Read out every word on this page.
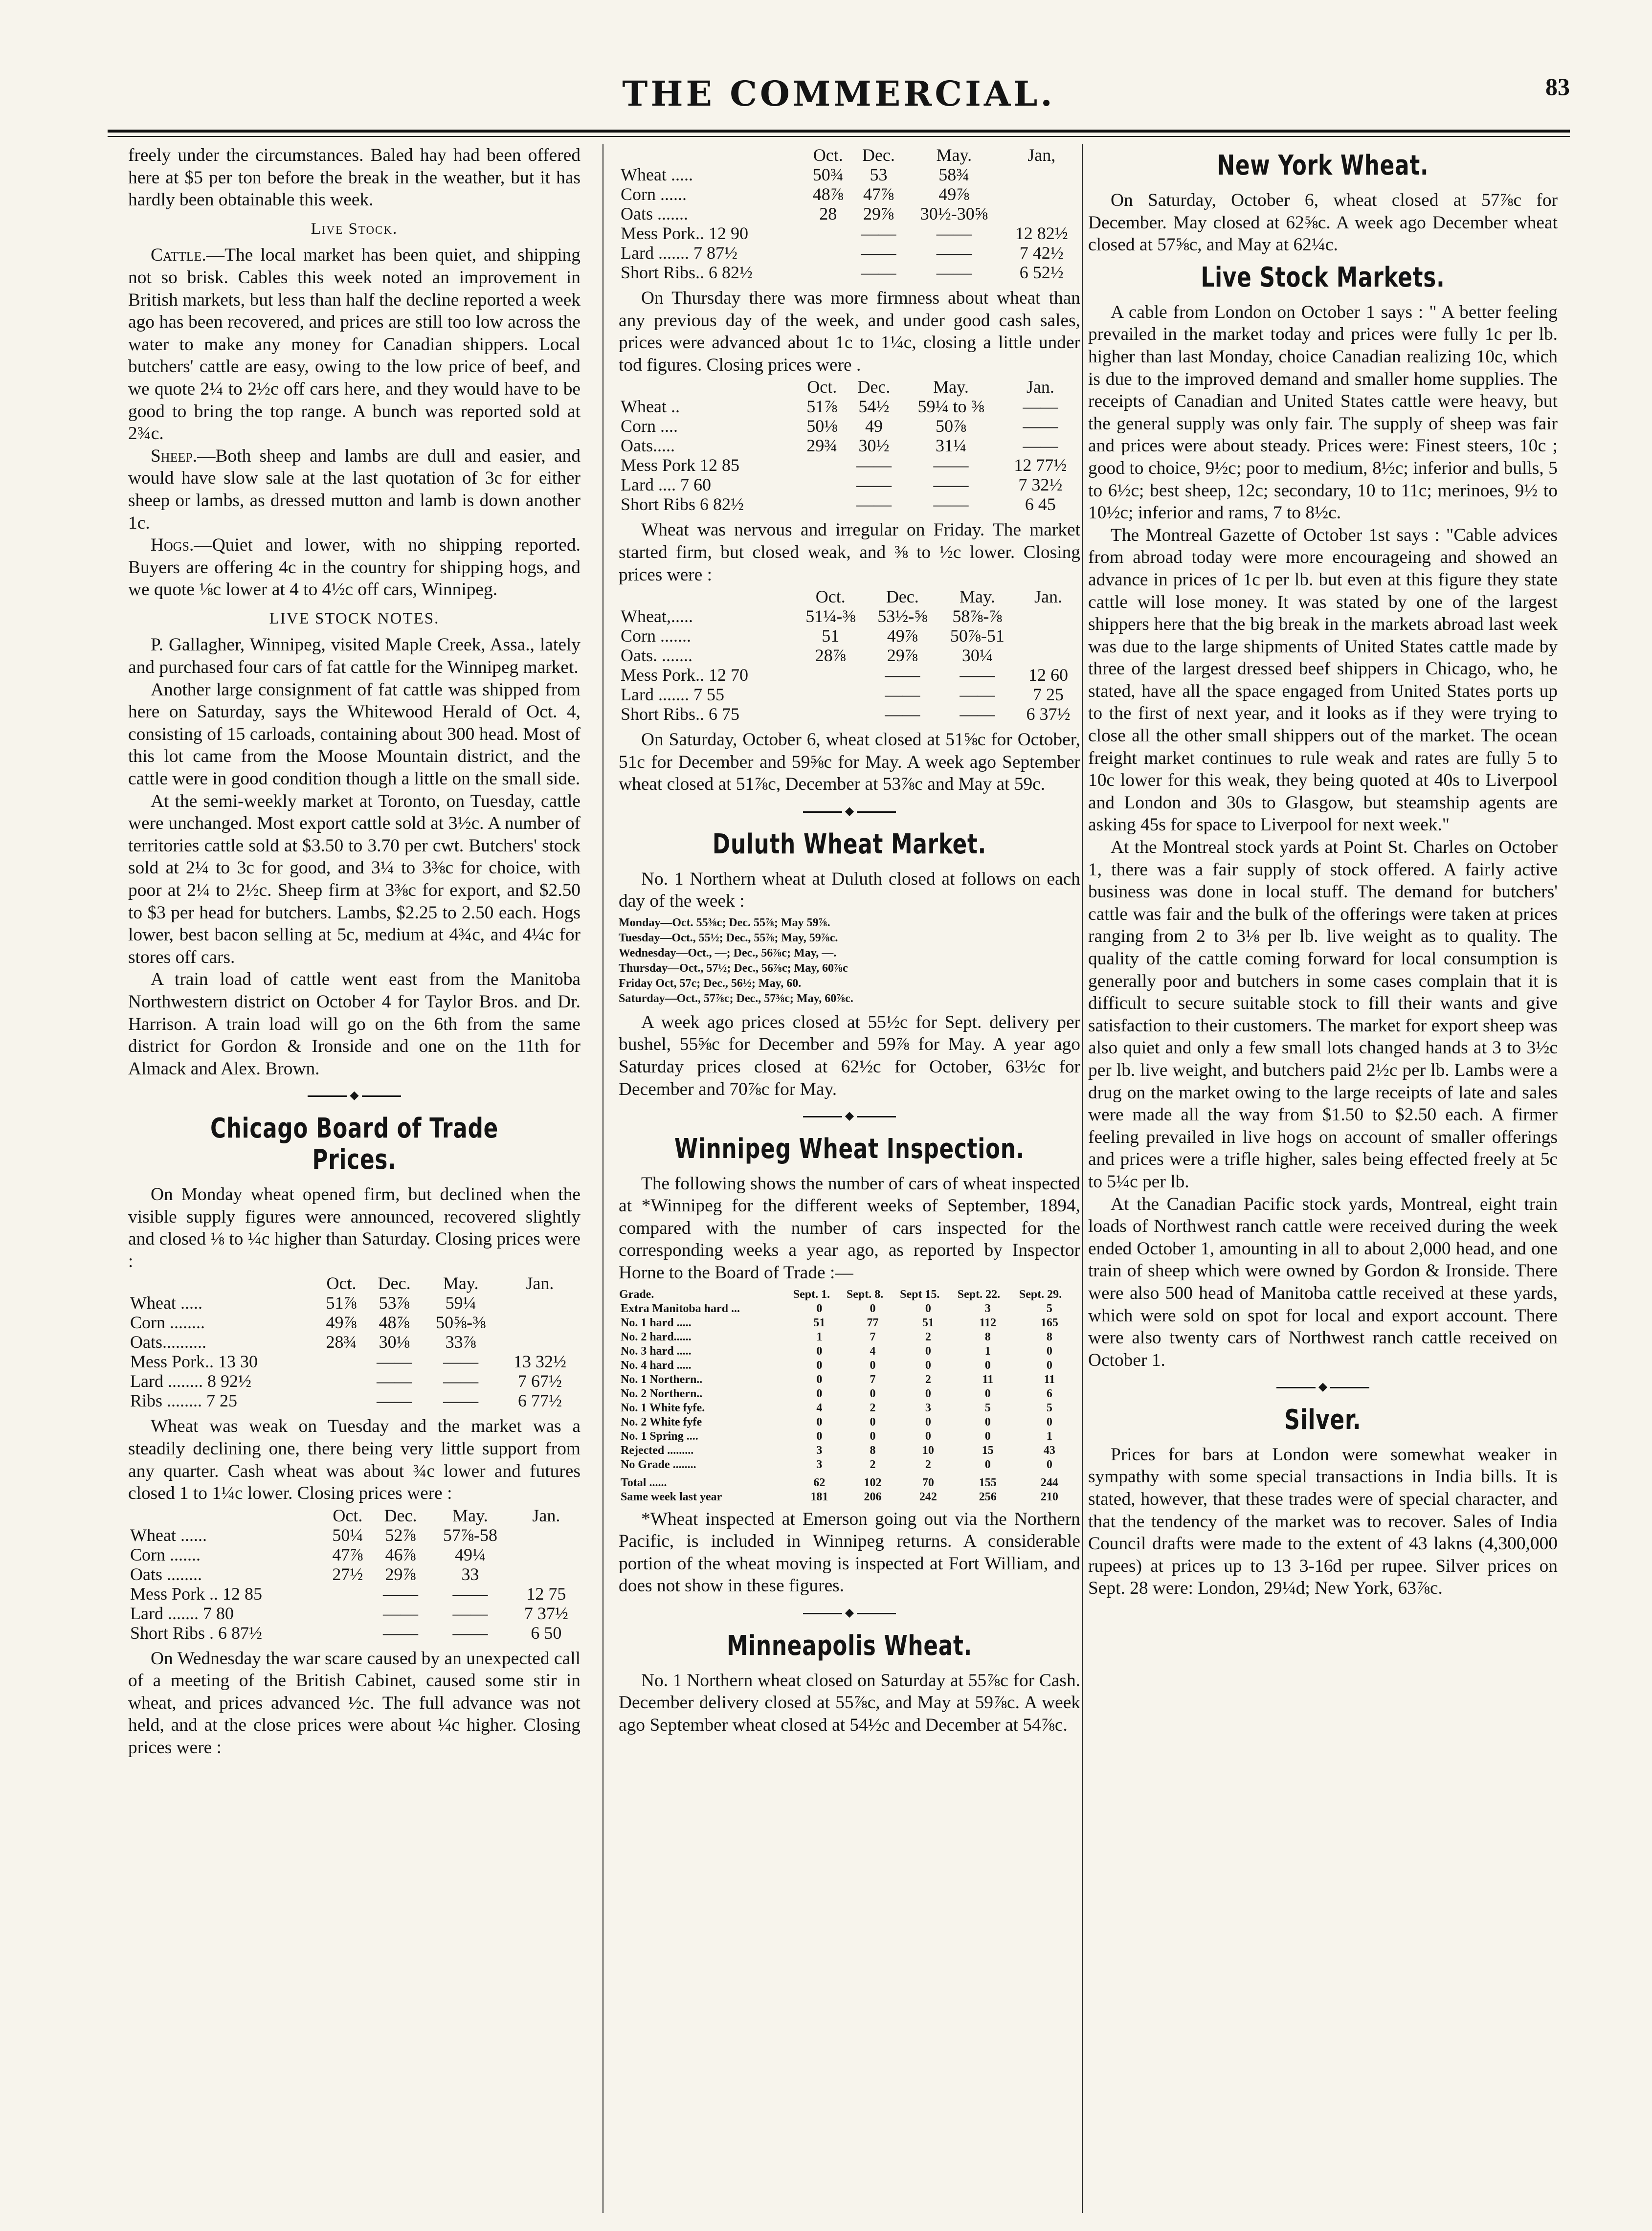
THE COMMERCIAL.	83

freely under the circumstances. Baled hay had been offered here at $5 per ton before the break in the weather, but it has hardly been obtainable this week.

Live Stock.

Cattle.—The local market has been quiet, and shipping not so brisk. Cables this week noted an improvement in British markets, but less than half the decline reported a week ago has been recovered, and prices are still too low across the water to make any money for Canadian shippers. Local butchers' cattle are easy, owing to the low price of beef, and we quote 2¼ to 2½c off cars here, and they would have to be good to bring the top range. A bunch was reported sold at 2¾c.

Sheep.—Both sheep and lambs are dull and easier, and would have slow sale at the last quotation of 3c for either sheep or lambs, as dressed mutton and lamb is down another 1c.

Hogs.—Quiet and lower, with no shipping reported. Buyers are offering 4c in the country for shipping hogs, and we quote ⅛c lower at 4 to 4½c off cars, Winnipeg.

LIVE STOCK NOTES.

P. Gallagher, Winnipeg, visited Maple Creek, Assa., lately and purchased four cars of fat cattle for the Winnipeg market.

Another large consignment of fat cattle was shipped from here on Saturday, says the Whitewood Herald of Oct. 4, consisting of 15 carloads, containing about 300 head. Most of this lot came from the Moose Mountain district, and the cattle were in good condition though a little on the small side.

At the semi-weekly market at Toronto, on Tuesday, cattle were unchanged. Most export cattle sold at 3½c. A number of territories cattle sold at $3.50 to 3.70 per cwt. Butchers' stock sold at 2¼ to 3c for good, and 3¼ to 3⅜c for choice, with poor at 2¼ to 2½c. Sheep firm at 3⅜c for export, and $2.50 to $3 per head for butchers. Lambs, $2.25 to 2.50 each. Hogs lower, best bacon selling at 5c, medium at 4¾c, and 4¼c for stores off cars.

A train load of cattle went east from the Manitoba Northwestern district on October 4 for Taylor Bros. and Dr. Harrison. A train load will go on the 6th from the same district for Gordon & Ironside and one on the 11th for Almack and Alex. Brown.

◆
Chicago Board of Trade Prices.

On Monday wheat opened firm, but declined when the visible supply figures were announced, recovered slightly and closed ⅛ to ¼c higher than Saturday. Closing prices were :

	Oct.	Dec.	May.	Jan.
Wheat .....	51⅞	53⅞	59¼	
Corn ........	49⅞	48⅞	50⅝-⅜	
Oats..........	28¾	30⅛	33⅞	
Mess Pork.. 13 30		——	——	13 32½
Lard ........ 8 92½		——	——	7 67½
Ribs ........ 7 25		——	——	6 77½

Wheat was weak on Tuesday and the market was a steadily declining one, there being very little support from any quarter. Cash wheat was about ¾c lower and futures closed 1 to 1¼c lower. Closing prices were :

	Oct.	Dec.	May.	Jan.
Wheat ......	50¼	52⅞	57⅞-58	
Corn .......	47⅞	46⅞	49¼	
Oats ........	27½	29⅞	33	
Mess Pork .. 12 85		——	——	12 75
Lard ....... 7 80		——	——	7 37½
Short Ribs . 6 87½		——	——	6 50

On Wednesday the war scare caused by an unexpected call of a meeting of the British Cabinet, caused some stir in wheat, and prices advanced ½c. The full advance was not held, and at the close prices were about ¼c higher. Closing prices were :

	Oct.	Dec.	May.	Jan,
Wheat .....	50¾	53	58¾	
Corn ......	48⅞	47⅞	49⅞	
Oats .......	28	29⅞	30½-30⅝	
Mess Pork.. 12 90		——	——	12 82½
Lard ....... 7 87½		——	——	7 42½
Short Ribs.. 6 82½		——	——	6 52½

On Thursday there was more firmness about wheat than any previous day of the week, and under good cash sales, prices were advanced about 1c to 1¼c, closing a little under tod figures. Closing prices were .

	Oct.	Dec.	May.	Jan.
Wheat ..	51⅞	54½	59¼ to ⅜	——
Corn ....	50⅛	49	50⅞	——
Oats.....	29¾	30½	31¼	——
Mess Pork 12 85		——	——	12 77½
Lard .... 7 60		——	——	7 32½
Short Ribs 6 82½		——	——	6 45

Wheat was nervous and irregular on Friday. The market started firm, but closed weak, and ⅜ to ½c lower. Closing prices were :

	Oct.	Dec.	May.	Jan.
Wheat,.....	51¼-⅜	53½-⅝	58⅞-⅞	
Corn .......	51	49⅞	50⅞-51	
Oats. .......	28⅞	29⅞	30¼	
Mess Pork.. 12 70		——	——	12 60
Lard ....... 7 55		——	——	7 25
Short Ribs.. 6 75		——	——	6 37½

On Saturday, October 6, wheat closed at 51⅝c for October, 51c for December and 59⅝c for May. A week ago September wheat closed at 51⅞c, December at 53⅞c and May at 59c.

◆
Duluth Wheat Market.

No. 1 Northern wheat at Duluth closed at follows on each day of the week :

Monday—Oct. 55⅜c; Dec. 55⅞; May 59⅞.
Tuesday—Oct., 55½; Dec., 55⅞; May, 59⅞c.
Wednesday—Oct., —; Dec., 56⅞c; May, —.
Thursday—Oct., 57½; Dec., 56⅞c; May, 60⅞c
Friday Oct, 57c; Dec., 56½; May, 60.
Saturday—Oct., 57⅞c; Dec., 57⅜c; May, 60⅞c.

A week ago prices closed at 55½c for Sept. delivery per bushel, 55⅝c for December and 59⅞ for May. A year ago Saturday prices closed at 62½c for October, 63½c for December and 70⅞c for May.

◆
Winnipeg Wheat Inspection.

The following shows the number of cars of wheat inspected at *Winnipeg for the different weeks of September, 1894, compared with the number of cars inspected for the corresponding weeks a year ago, as reported by Inspector Horne to the Board of Trade :—

Grade.	Sept. 1.	Sept. 8.	Sept 15.	Sept. 22.	Sept. 29.
Extra Manitoba hard ...	0	0	0	3	5
No. 1 hard .....	51	77	51	112	165
No. 2 hard......	1	7	2	8	8
No. 3 hard .....	0	4	0	1	0
No. 4 hard .....	0	0	0	0	0
No. 1 Northern..	0	7	2	11	11
No. 2 Northern..	0	0	0	0	6
No. 1 White fyfe.	4	2	3	5	5
No. 2 White fyfe	0	0	0	0	0
No. 1 Spring ....	0	0	0	0	1
Rejected .........	3	8	10	15	43
No Grade ........	3	2	2	0	0
Total ......	62	102	70	155	244
Same week last year	181	206	242	256	210

*Wheat inspected at Emerson going out via the Northern Pacific, is included in Winnipeg returns. A considerable portion of the wheat moving is inspected at Fort William, and does not show in these figures.

◆
Minneapolis Wheat.

No. 1 Northern wheat closed on Saturday at 55⅞c for Cash. December delivery closed at 55⅞c, and May at 59⅞c. A week ago September wheat closed at 54½c and December at 54⅞c.

New York Wheat.

On Saturday, October 6, wheat closed at 57⅞c for December. May closed at 62⅝c. A week ago December wheat closed at 57⅝c, and May at 62¼c.

Live Stock Markets.

A cable from London on October 1 says : " A better feeling prevailed in the market today and prices were fully 1c per lb. higher than last Monday, choice Canadian realizing 10c, which is due to the improved demand and smaller home supplies. The receipts of Canadian and United States cattle were heavy, but the general supply was only fair. The supply of sheep was fair and prices were about steady. Prices were: Finest steers, 10c ; good to choice, 9½c; poor to medium, 8½c; inferior and bulls, 5 to 6½c; best sheep, 12c; secondary, 10 to 11c; merinoes, 9½ to 10½c; inferior and rams, 7 to 8½c.

The Montreal Gazette of October 1st says : "Cable advices from abroad today were more encourageing and showed an advance in prices of 1c per lb. but even at this figure they state cattle will lose money. It was stated by one of the largest shippers here that the big break in the markets abroad last week was due to the large shipments of United States cattle made by three of the largest dressed beef shippers in Chicago, who, he stated, have all the space engaged from United States ports up to the first of next year, and it looks as if they were trying to close all the other small shippers out of the market. The ocean freight market continues to rule weak and rates are fully 5 to 10c lower for this weak, they being quoted at 40s to Liverpool and London and 30s to Glasgow, but steamship agents are asking 45s for space to Liverpool for next week."

At the Montreal stock yards at Point St. Charles on October 1, there was a fair supply of stock offered. A fairly active business was done in local stuff. The demand for butchers' cattle was fair and the bulk of the offerings were taken at prices ranging from 2 to 3⅛ per lb. live weight as to quality. The quality of the cattle coming forward for local consumption is generally poor and butchers in some cases complain that it is difficult to secure suitable stock to fill their wants and give satisfaction to their customers. The market for export sheep was also quiet and only a few small lots changed hands at 3 to 3½c per lb. live weight, and butchers paid 2½c per lb. Lambs were a drug on the market owing to the large receipts of late and sales were made all the way from $1.50 to $2.50 each. A firmer feeling prevailed in live hogs on account of smaller offerings and prices were a trifle higher, sales being effected freely at 5c to 5¼c per lb.

At the Canadian Pacific stock yards, Montreal, eight train loads of Northwest ranch cattle were received during the week ended October 1, amounting in all to about 2,000 head, and one train of sheep which were owned by Gordon & Ironside. There were also 500 head of Manitoba cattle received at these yards, which were sold on spot for local and export account. There were also twenty cars of Northwest ranch cattle received on October 1.

◆
Silver.

Prices for bars at London were somewhat weaker in sympathy with some special transactions in India bills. It is stated, however, that these trades were of special character, and that the tendency of the market was to recover. Sales of India Council drafts were made to the extent of 43 lakns (4,300,000 rupees) at prices up to 13 3-16d per rupee. Silver prices on Sept. 28 were: London, 29¼d; New York, 63⅞c.
